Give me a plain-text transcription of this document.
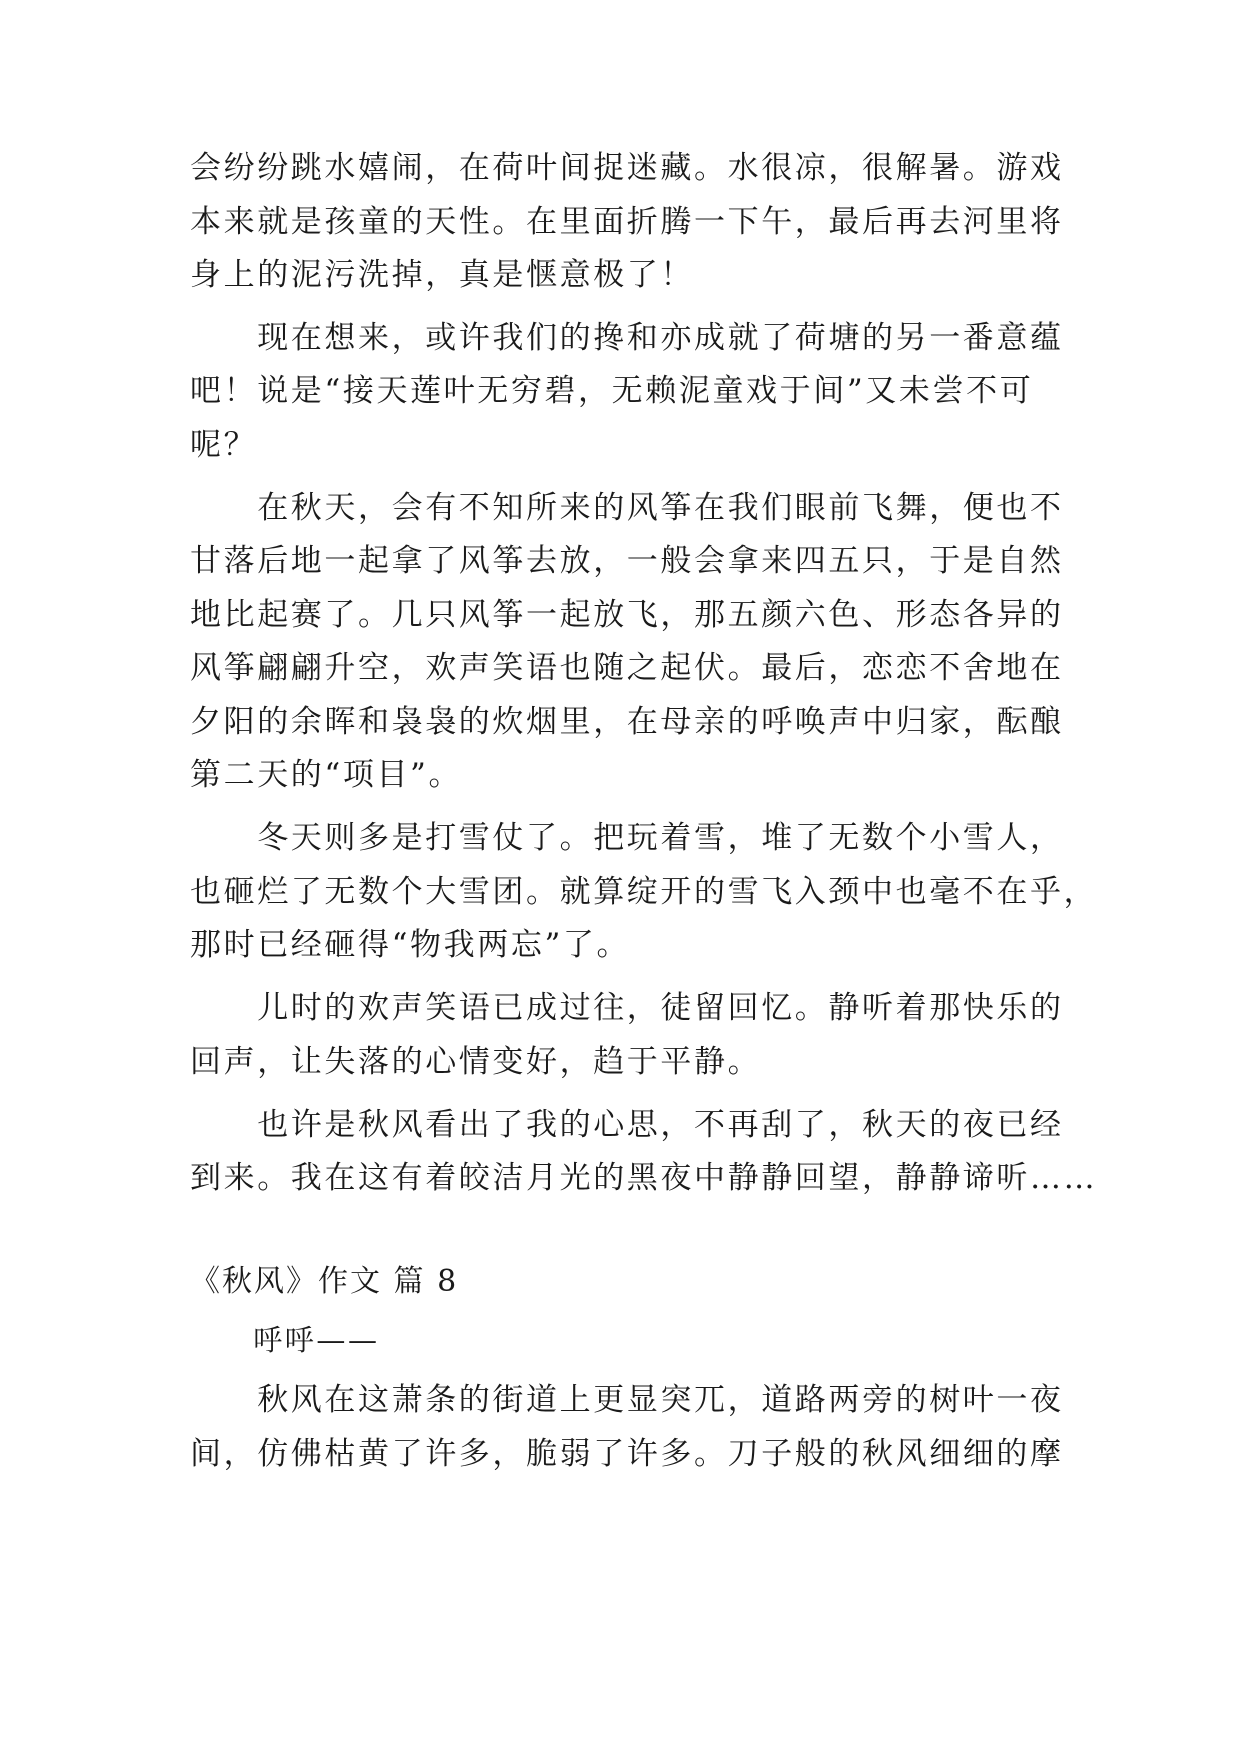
会纷纷跳水嬉闹，在荷叶间捉迷藏。水很凉，很解暑。游戏
本来就是孩童的天性。在里面折腾一下午，最后再去河里将
身上的泥污洗掉，真是惬意极了！
　　现在想来，或许我们的搀和亦成就了荷塘的另一番意蕴
吧！说是“接天莲叶无穷碧，无赖泥童戏于间”又未尝不可
呢？
　　在秋天，会有不知所来的风筝在我们眼前飞舞，便也不
甘落后地一起拿了风筝去放，一般会拿来四五只，于是自然
地比起赛了。几只风筝一起放飞，那五颜六色、形态各异的
风筝翩翩升空，欢声笑语也随之起伏。最后，恋恋不舍地在
夕阳的余晖和袅袅的炊烟里，在母亲的呼唤声中归家，酝酿
第二天的“项目”。
　　冬天则多是打雪仗了。把玩着雪，堆了无数个小雪人，
也砸烂了无数个大雪团。就算绽开的雪飞入颈中也毫不在乎，
那时已经砸得“物我两忘”了。
　　儿时的欢声笑语已成过往，徒留回忆。静听着那快乐的
回声，让失落的心情变好，趋于平静。
　　也许是秋风看出了我的心思，不再刮了，秋天的夜已经
到来。我在这有着皎洁月光的黑夜中静静回望，静静谛听……
《秋风》作文 篇 8
　　呼呼——
　　秋风在这萧条的街道上更显突兀，道路两旁的树叶一夜
间，仿佛枯黄了许多，脆弱了许多。刀子般的秋风细细的摩
